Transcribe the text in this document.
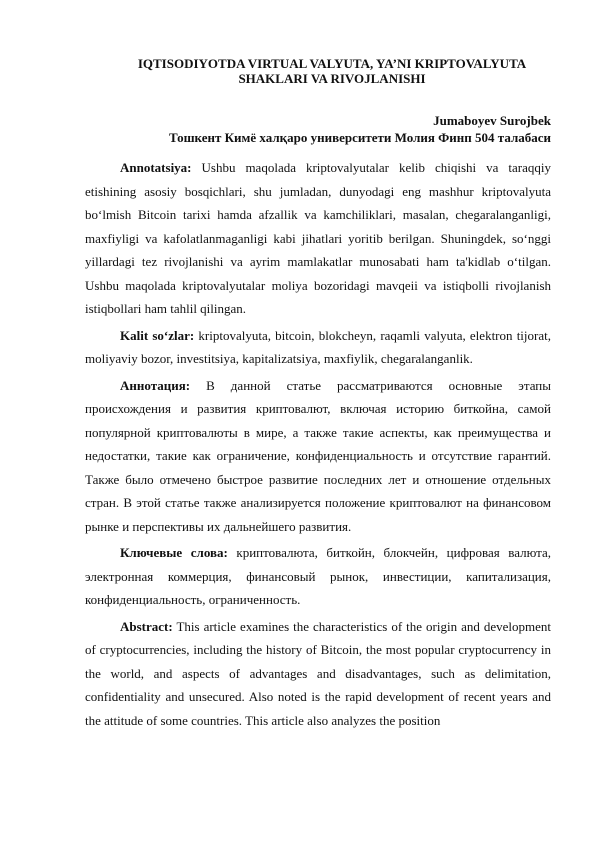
IQTISODIYOTDA VIRTUAL VALYUTA, YA’NI KRIPTOVALYUTA
SHAKLARI VA RIVOJLANISHI
Jumaboyev Surojbek
Тошкент Кимё халқаро университети Молия Финп 504 талабаси

Annotatsiya: Ushbu maqolada kriptovalyutalar kelib chiqishi va taraqqiy etishining asosiy bosqichlari, shu jumladan, dunyodagi eng mashhur kriptovalyuta bo‘lmish Bitcoin tarixi hamda afzallik va kamchiliklari, masalan, chegaralanganligi, maxfiyligi va kafolatlanmaganligi kabi jihatlari yoritib berilgan. Shuningdek, so‘nggi yillardagi tez rivojlanishi va ayrim mamlakatlar munosabati ham ta'kidlab o‘tilgan. Ushbu maqolada kriptovalyutalar moliya bozoridagi mavqeii va istiqbolli rivojlanish istiqbollari ham tahlil qilingan.

Kalit so‘zlar: kriptovalyuta, bitcoin, blokcheyn, raqamli valyuta, elektron tijorat, moliyaviy bozor, investitsiya, kapitalizatsiya, maxfiylik, chegaralanganlik.

Аннотация: В данной статье рассматриваются основные этапы происхождения и развития криптовалют, включая историю биткойна, самой популярной криптовалюты в мире, а также такие аспекты, как преимущества и недостатки, такие как ограничение, конфиденциальность и отсутствие гарантий. Также было отмечено быстрое развитие последних лет и отношение отдельных стран. В этой статье также анализируется положение криптовалют на финансовом рынке и перспективы их дальнейшего развития.

Ключевые слова: криптовалюта, биткойн, блокчейн, цифровая валюта, электронная коммерция, финансовый рынок, инвестиции, капитализация, конфиденциальность, ограниченность.

Abstract: This article examines the characteristics of the origin and development of cryptocurrencies, including the history of Bitcoin, the most popular cryptocurrency in the world, and aspects of advantages and disadvantages, such as delimitation, confidentiality and unsecured. Also noted is the rapid development of recent years and the attitude of some countries. This article also analyzes the position
